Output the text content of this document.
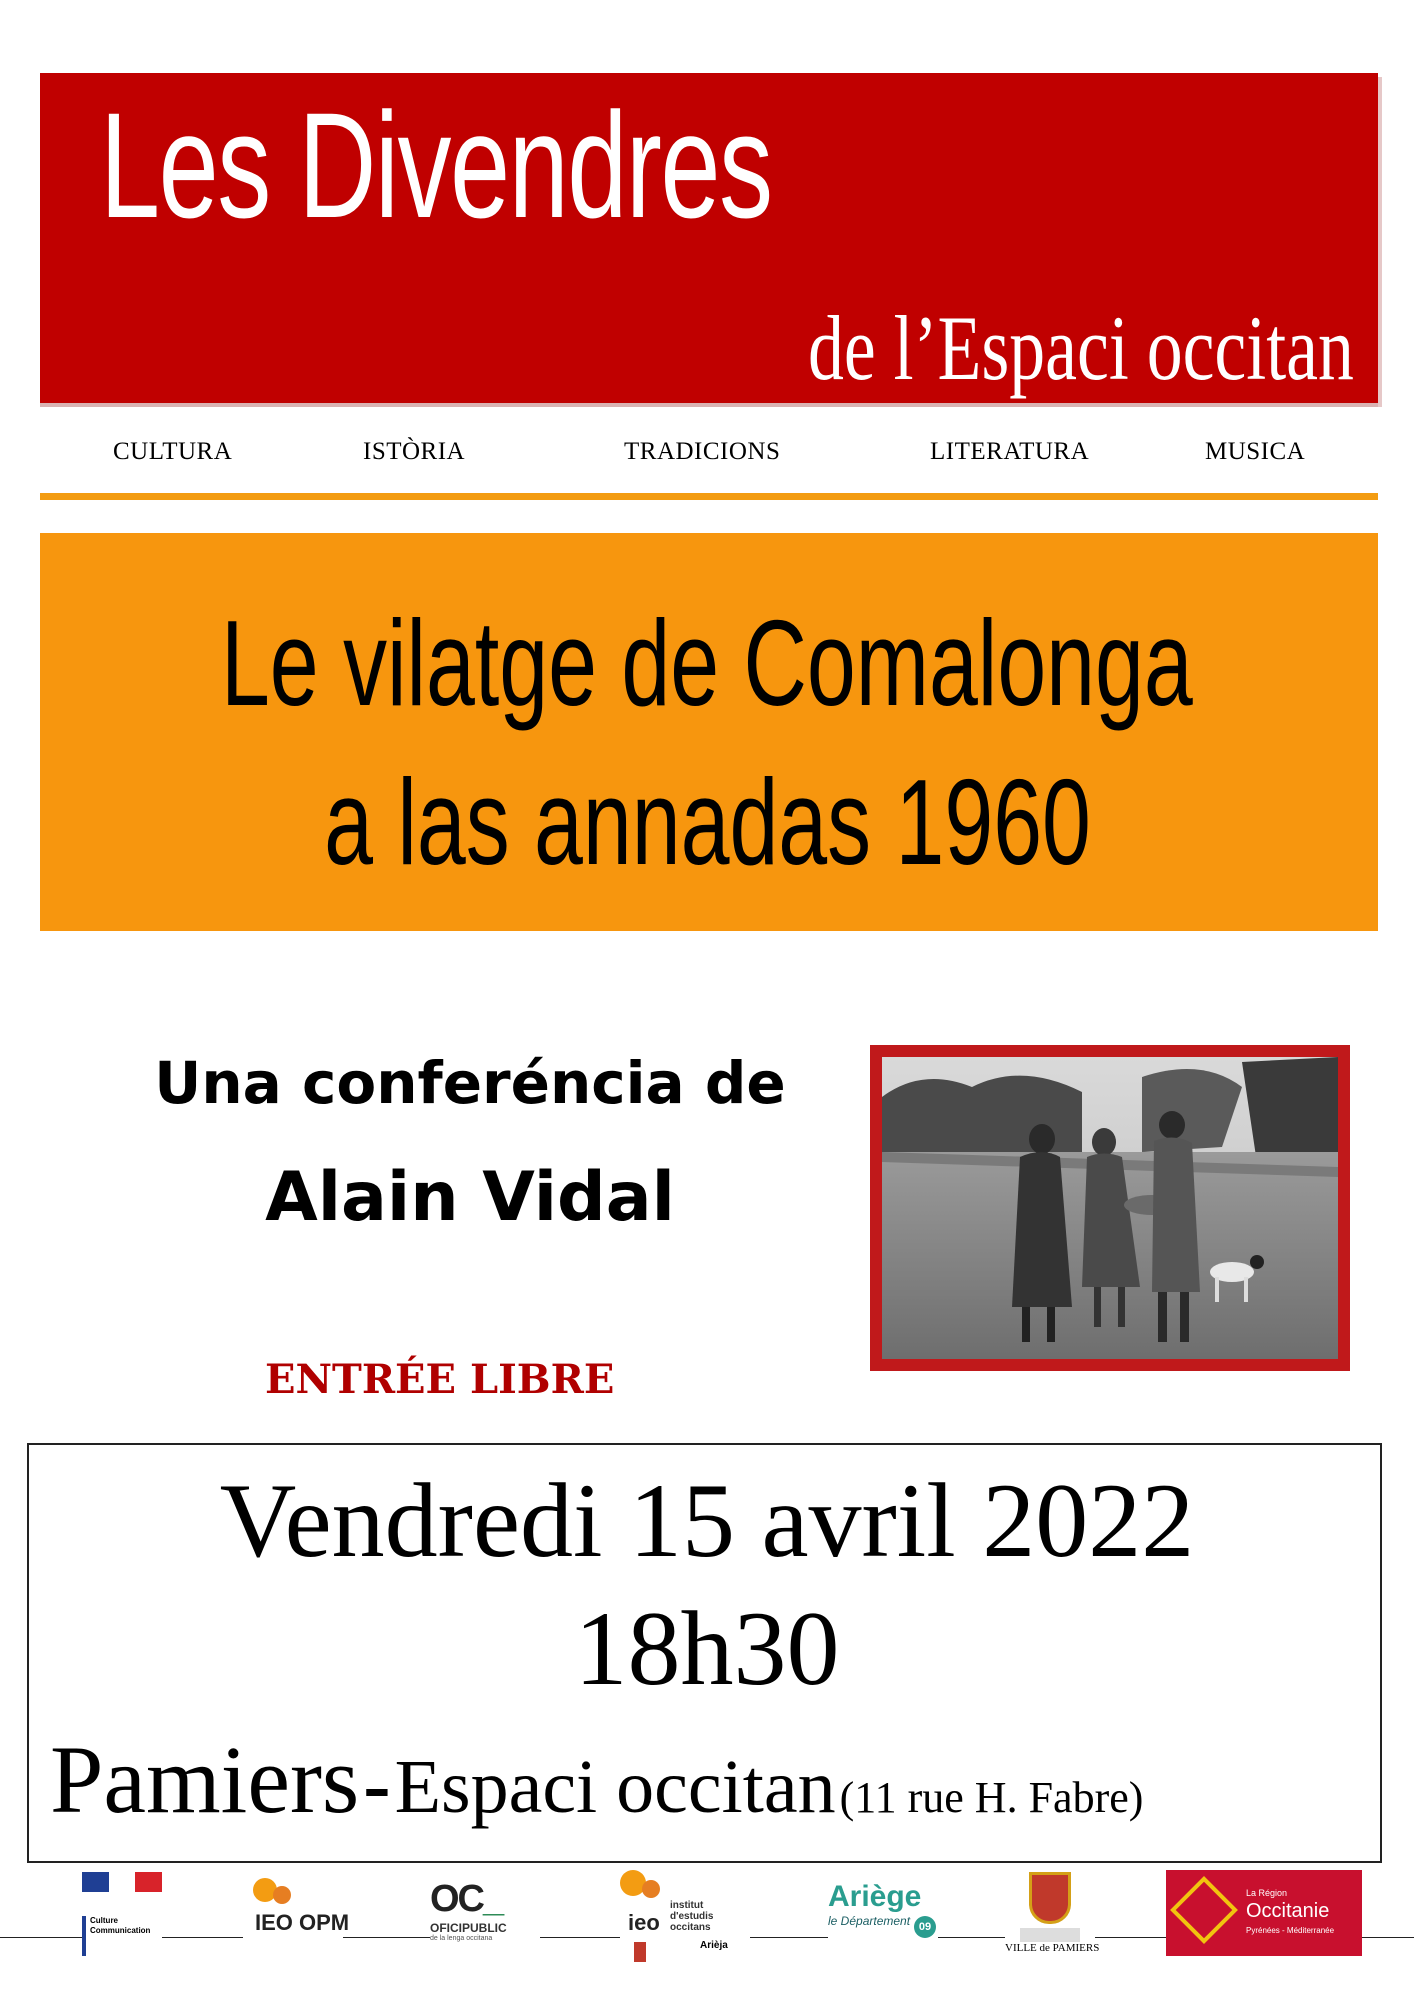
Les Divendres
de l’Espaci occitan
CULTURA	ISTÒRIA	TRADICIONS	LITERATURA	MUSICA
Le vilatge de Comalonga
a las annadas 1960
Una conferéncia de
Alain Vidal
ENTRÉE LIBRE
Vendredi 15 avril 2022
18h30
Pamiers - Espaci occitan (11 rue H. Fabre)
Culture Communication	IEO OPM
OC_
OFICIPUBLIC
de la lenga occitana
ieo
institut d'estudis occitans
Arièja
Ariège
le Département 09
VILLE de PAMIERS
La Région
Occitanie
Pyrénées - Méditerranée
